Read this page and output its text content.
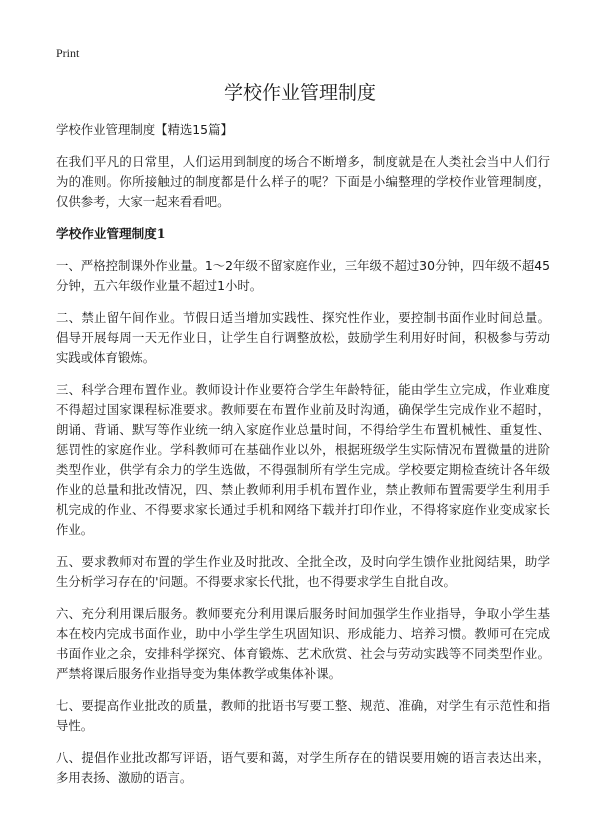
Print
学校作业管理制度

学校作业管理制度【精选15篇】

在我们平凡的日常里，人们运用到制度的场合不断增多，制度就是在人类社会当中人们行为的准则。你所接触过的制度都是什么样子的呢？下面是小编整理的学校作业管理制度，仅供参考，大家一起来看看吧。

学校作业管理制度1

一、严格控制课外作业量。1～2年级不留家庭作业，三年级不超过30分钟，四年级不超45分钟，五六年级作业量不超过1小时。

二、禁止留午间作业。节假日适当增加实践性、探究性作业，要控制书面作业时间总量。倡导开展每周一天无作业日，让学生自行调整放松，鼓励学生利用好时间，积极参与劳动实践或体育锻炼。

三、科学合理布置作业。教师设计作业要符合学生年龄特征，能由学生立完成，作业难度不得超过国家课程标准要求。教师要在布置作业前及时沟通，确保学生完成作业不超时，朗诵、背诵、默写等作业统一纳入家庭作业总量时间，不得给学生布置机械性、重复性、惩罚性的家庭作业。学科教师可在基础作业以外，根据班级学生实际情况布置微量的进阶类型作业，供学有余力的学生选做，不得强制所有学生完成。学校要定期检查统计各年级作业的总量和批改情况，四、禁止教师利用手机布置作业，禁止教师布置需要学生利用手机完成的作业、不得要求家长通过手机和网络下载并打印作业，不得将家庭作业变成家长作业。

五、要求教师对布置的学生作业及时批改、全批全改，及时向学生馈作业批阅结果，助学生分析学习存在的'问题。不得要求家长代批，也不得要求学生自批自改。

六、充分利用课后服务。教师要充分利用课后服务时间加强学生作业指导，争取小学生基本在校内完成书面作业，助中小学生学生巩固知识、形成能力、培养习惯。教师可在完成书面作业之余，安排科学探究、体育锻炼、艺术欣赏、社会与劳动实践等不同类型作业。严禁将课后服务作业指导变为集体教学或集体补课。

七、要提高作业批改的质量，教师的批语书写要工整、规范、准确，对学生有示范性和指导性。

八、提倡作业批改都写评语，语气要和蔼，对学生所存在的错误要用婉的语言表达出来，多用表扬、激励的语言。
